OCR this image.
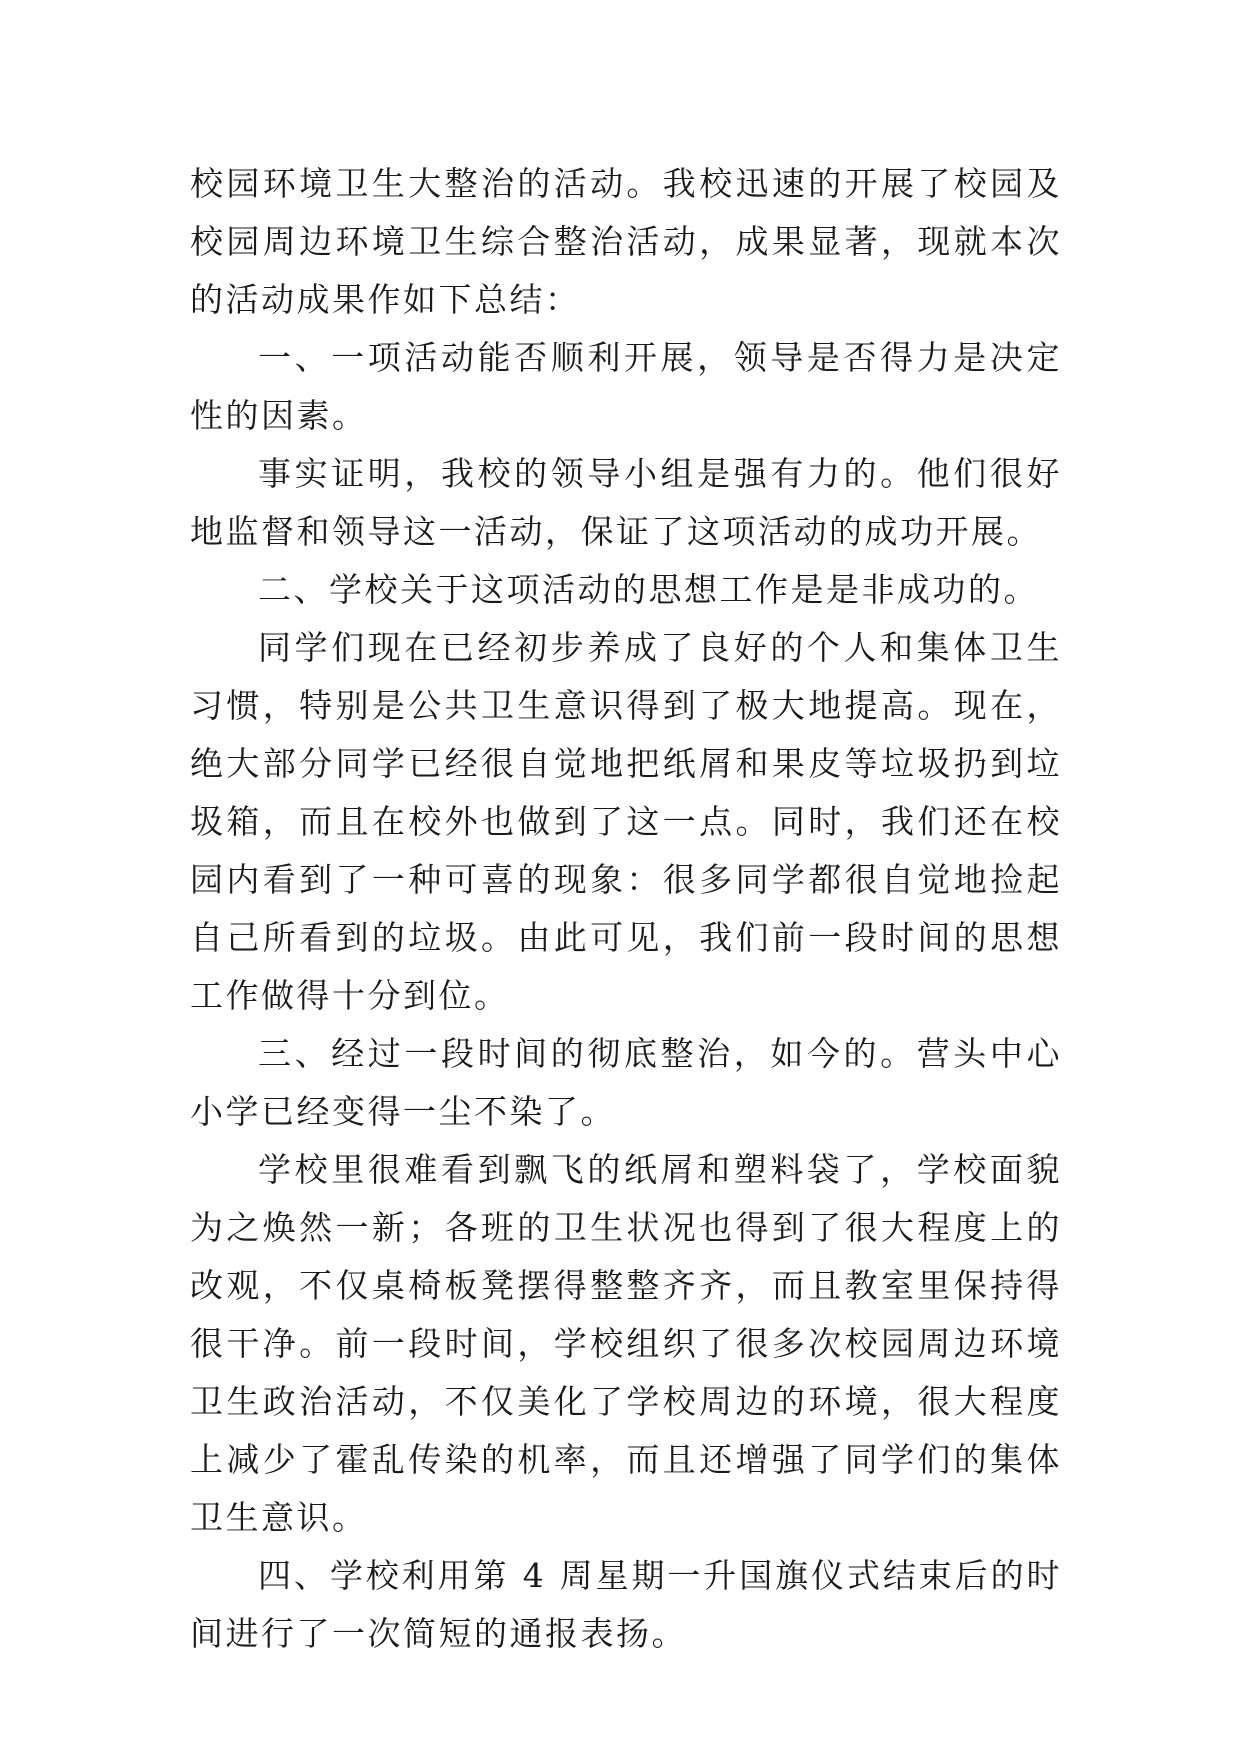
校园环境卫生大整治的活动。我校迅速的开展了校园及校园周边环境卫生综合整治活动，成果显著，现就本次的活动成果作如下总结：

一、一项活动能否顺利开展，领导是否得力是决定性的因素。

事实证明，我校的领导小组是强有力的。他们很好地监督和领导这一活动，保证了这项活动的成功开展。

二、学校关于这项活动的思想工作是是非成功的。

同学们现在已经初步养成了良好的个人和集体卫生习惯，特别是公共卫生意识得到了极大地提高。现在，绝大部分同学已经很自觉地把纸屑和果皮等垃圾扔到垃圾箱，而且在校外也做到了这一点。同时，我们还在校园内看到了一种可喜的现象：很多同学都很自觉地捡起自己所看到的垃圾。由此可见，我们前一段时间的思想工作做得十分到位。

三、经过一段时间的彻底整治，如今的。营头中心小学已经变得一尘不染了。

学校里很难看到飘飞的纸屑和塑料袋了，学校面貌为之焕然一新；各班的卫生状况也得到了很大程度上的改观，不仅桌椅板凳摆得整整齐齐，而且教室里保持得很干净。前一段时间，学校组织了很多次校园周边环境卫生政治活动，不仅美化了学校周边的环境，很大程度上减少了霍乱传染的机率，而且还增强了同学们的集体卫生意识。

四、学校利用第 4 周星期一升国旗仪式结束后的时间进行了一次简短的通报表扬。
